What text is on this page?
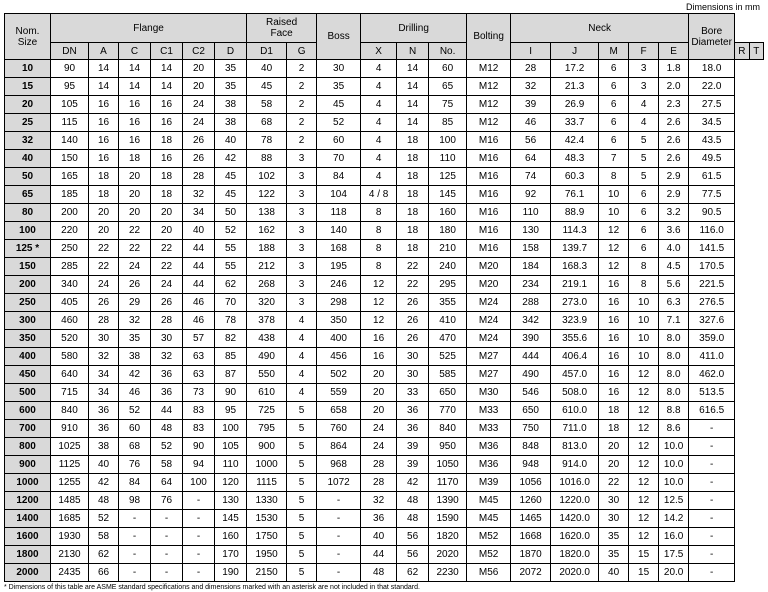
Dimensions in mm
Nom.
Size	Flange						Raised
Face		Boss	Drilling			Bolting	Neck					Bore
Diameter		
	DN	A	C	C1	C2	D	D1	G		X	N	No.		I	J	M	F	E		R	T
10	90	14	14	14	20	35	40	2	30	4	14	60	M12	28	17.2	6	3	1.8	18.0		
15	95	14	14	14	20	35	45	2	35	4	14	65	M12	32	21.3	6	3	2.0	22.0		
20	105	16	16	16	24	38	58	2	45	4	14	75	M12	39	26.9	6	4	2.3	27.5		
25	115	16	16	16	24	38	68	2	52	4	14	85	M12	46	33.7	6	4	2.6	34.5		
32	140	16	16	18	26	40	78	2	60	4	18	100	M16	56	42.4	6	5	2.6	43.5		
40	150	16	18	16	26	42	88	3	70	4	18	110	M16	64	48.3	7	5	2.6	49.5		
50	165	18	20	18	28	45	102	3	84	4	18	125	M16	74	60.3	8	5	2.9	61.5		
65	185	18	20	18	32	45	122	3	104	4 / 8	18	145	M16	92	76.1	10	6	2.9	77.5		
80	200	20	20	20	34	50	138	3	118	8	18	160	M16	110	88.9	10	6	3.2	90.5		
100	220	20	22	20	40	52	162	3	140	8	18	180	M16	130	114.3	12	6	3.6	116.0		
125 *	250	22	22	22	44	55	188	3	168	8	18	210	M16	158	139.7	12	6	4.0	141.5		
150	285	22	24	22	44	55	212	3	195	8	22	240	M20	184	168.3	12	8	4.5	170.5		
200	340	24	26	24	44	62	268	3	246	12	22	295	M20	234	219.1	16	8	5.6	221.5		
250	405	26	29	26	46	70	320	3	298	12	26	355	M24	288	273.0	16	10	6.3	276.5		
300	460	28	32	28	46	78	378	4	350	12	26	410	M24	342	323.9	16	10	7.1	327.6		
350	520	30	35	30	57	82	438	4	400	16	26	470	M24	390	355.6	16	10	8.0	359.0		
400	580	32	38	32	63	85	490	4	456	16	30	525	M27	444	406.4	16	10	8.0	411.0		
450	640	34	42	36	63	87	550	4	502	20	30	585	M27	490	457.0	16	12	8.0	462.0		
500	715	34	46	36	73	90	610	4	559	20	33	650	M30	546	508.0	16	12	8.0	513.5		
600	840	36	52	44	83	95	725	5	658	20	36	770	M33	650	610.0	18	12	8.8	616.5		
700	910	36	60	48	83	100	795	5	760	24	36	840	M33	750	711.0	18	12	8.6	-		
800	1025	38	68	52	90	105	900	5	864	24	39	950	M36	848	813.0	20	12	10.0	-		
900	1125	40	76	58	94	110	1000	5	968	28	39	1050	M36	948	914.0	20	12	10.0	-		
1000	1255	42	84	64	100	120	1115	5	1072	28	42	1170	M39	1056	1016.0	22	12	10.0	-		
1200	1485	48	98	76	-	130	1330	5	-	32	48	1390	M45	1260	1220.0	30	12	12.5	-		
1400	1685	52	-	-	-	145	1530	5	-	36	48	1590	M45	1465	1420.0	30	12	14.2	-		
1600	1930	58	-	-	-	160	1750	5	-	40	56	1820	M52	1668	1620.0	35	12	16.0	-		
1800	2130	62	-	-	-	170	1950	5	-	44	56	2020	M52	1870	1820.0	35	15	17.5	-		
2000	2435	66	-	-	-	190	2150	5	-	48	62	2230	M56	2072	2020.0	40	15	20.0	-		
* Dimensions of this table are ASME standard specifications and dimensions marked with an asterisk are not included in that standard.
